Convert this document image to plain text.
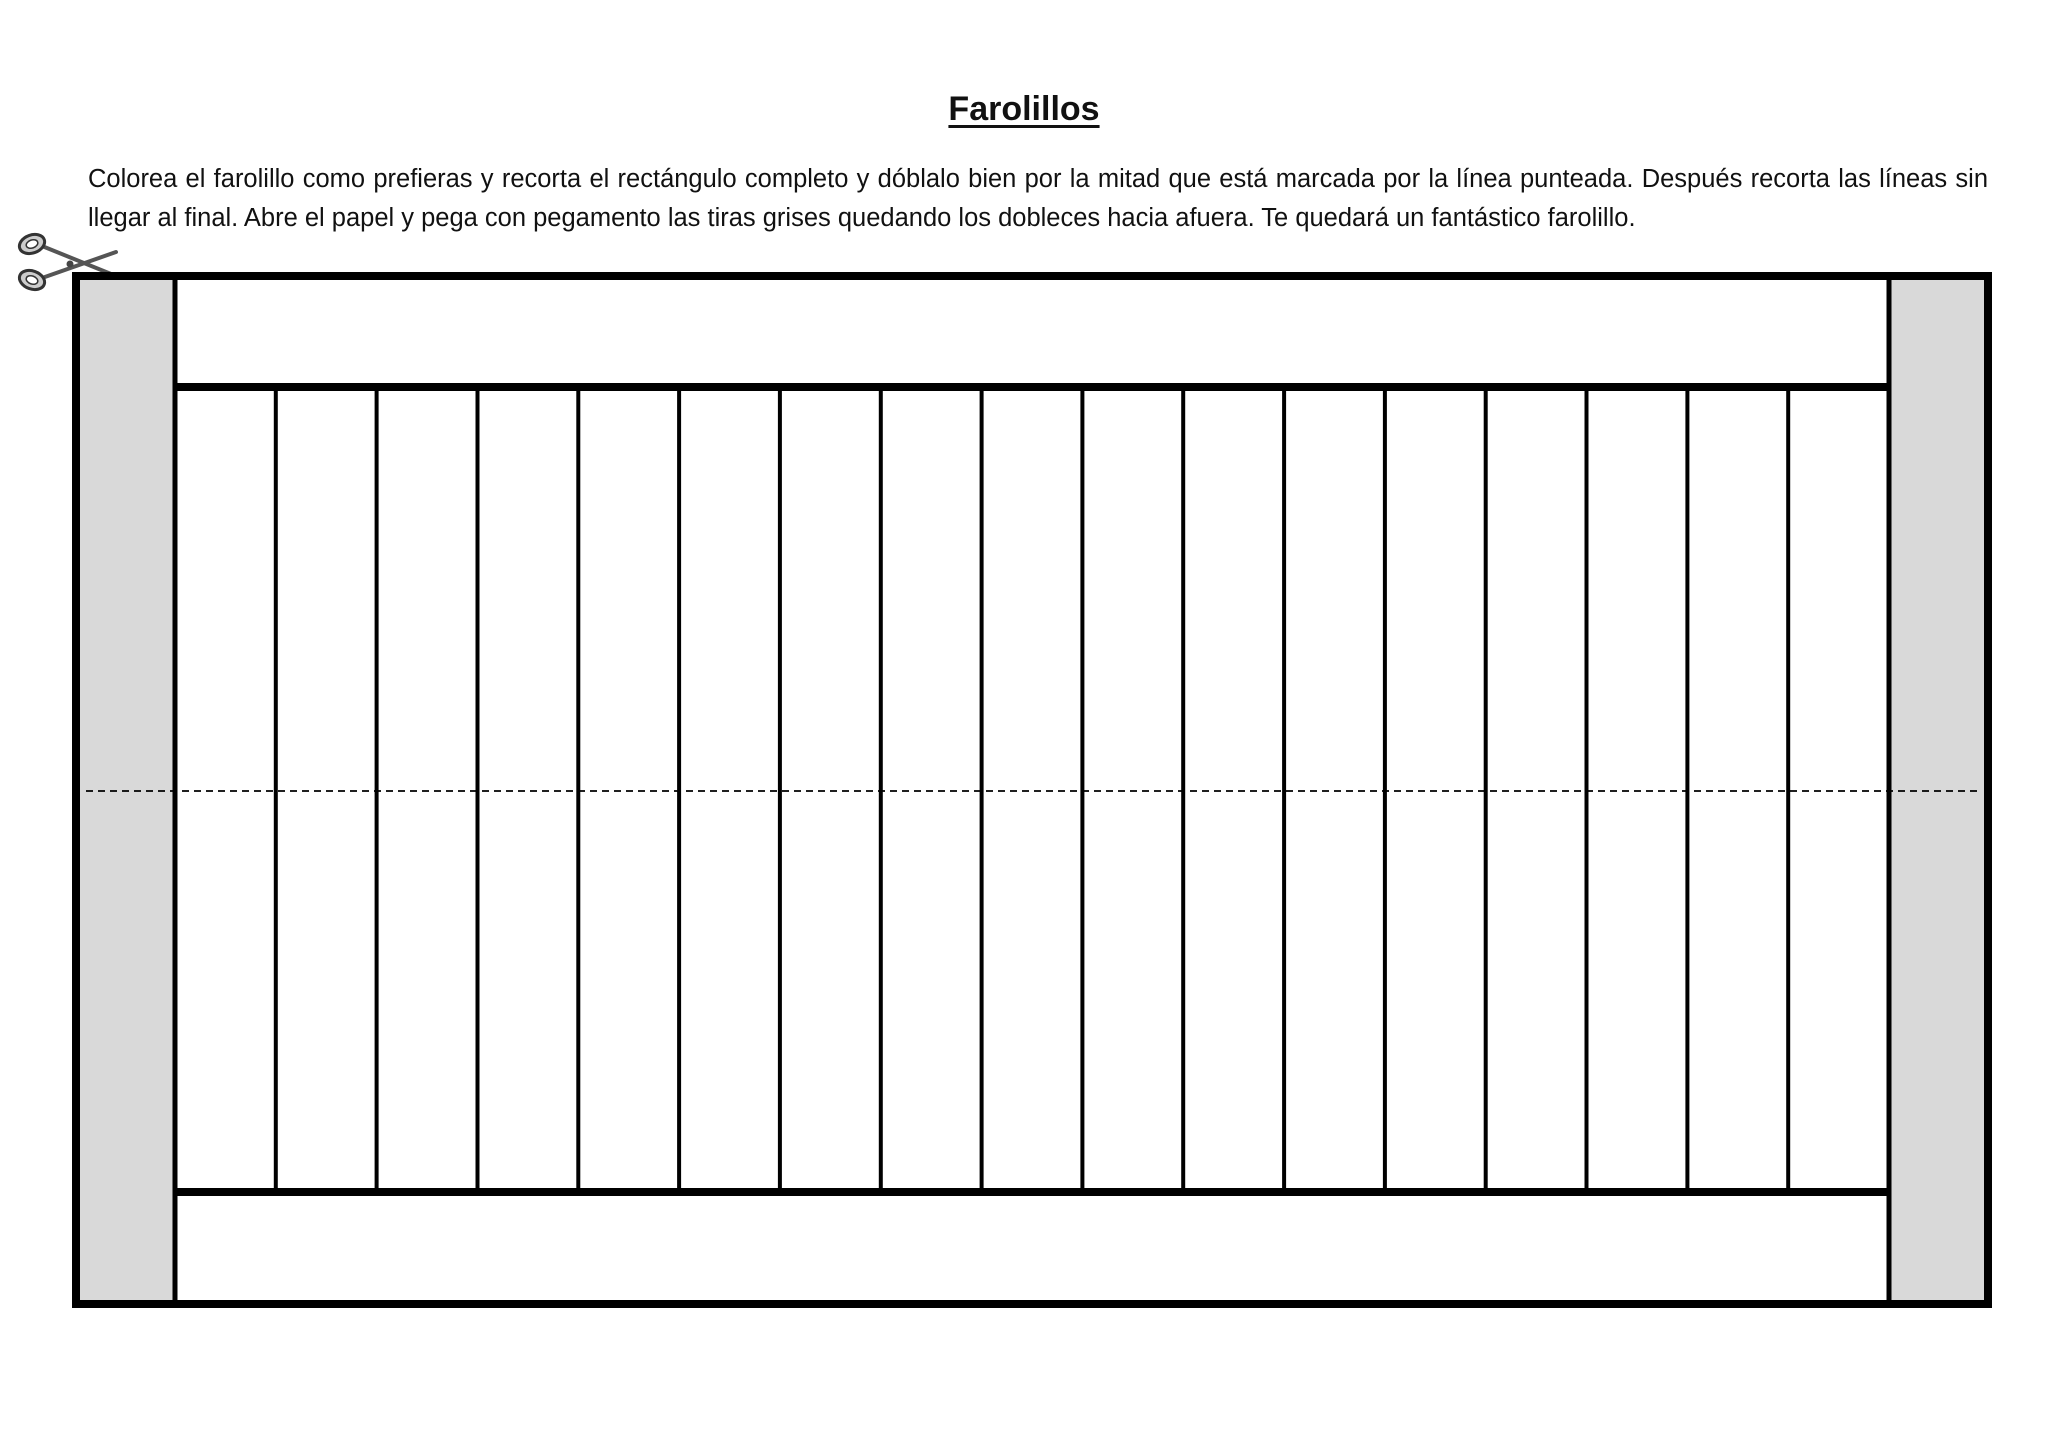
Farolillos

Colorea el farolillo como prefieras y recorta el rectángulo completo y dóblalo bien por la mitad que está marcada por la línea punteada. Después recorta las líneas sin llegar al final. Abre el papel y pega con pegamento las tiras grises quedando los dobleces hacia afuera. Te quedará un fantástico farolillo.
